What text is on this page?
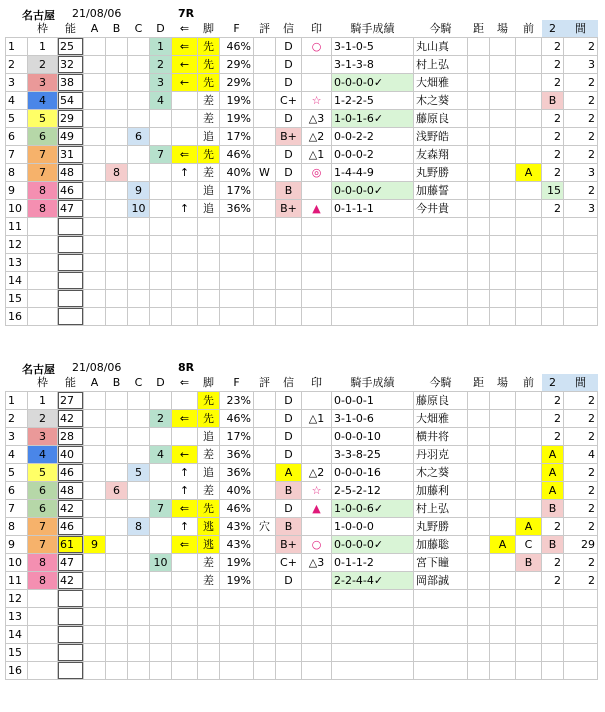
名古屋 21/08/06	7R
	枠	能	A	B	C	D	⇐	脚	F	評	信	印	騎手成績	今騎	距	場	前	2	間
1	1	25				1	⇐	先	46%		D	○	3-1-0-5	丸山真				2	2
2	2	32				2	←	先	29%		D		3-1-3-8	村上弘				2	3
3	3	38				3	←	先	29%		D		0-0-0-0✓	大畑雅				2	2
4	4	54				4		差	19%		C+	☆	1-2-2-5	木之葵				B	2
5	5	29						差	19%		D	△3	1-0-1-6✓	藤原良				2	2
6	6	49			6			追	17%		B+	△2	0-0-2-2	浅野皓				2	2
7	7	31				7	⇐	先	46%		D	△1	0-0-0-2	友森翔				2	2
8	7	48		8			↑	差	40%	W	D	◎	1-4-4-9	丸野勝			A	2	3
9	8	46			9			追	17%		B		0-0-0-0✓	加藤誓				15	2
10	8	47			10		↑	追	36%		B+	▲	0-1-1-1	今井貴				2	3
11																			
12																			
13																			
14																			
15																			
16																			
名古屋 21/08/06	8R
	枠	能	A	B	C	D	⇐	脚	F	評	信	印	騎手成績	今騎	距	場	前	2	間
1	1	27						先	23%		D		0-0-0-1	藤原良				2	2
2	2	42				2	⇐	先	46%		D	△1	3-1-0-6	大畑雅				2	2
3	3	28						追	17%		D		0-0-0-10	横井将				2	2
4	4	40				4	←	差	36%		D		3-3-8-25	丹羽克				A	4
5	5	46			5		↑	追	36%		A	△2	0-0-0-16	木之葵				A	2
6	6	48		6			↑	差	40%		B	☆	2-5-2-12	加藤利				A	2
7	6	42				7	⇐	先	46%		D	▲	1-0-0-6✓	村上弘				B	2
8	7	46			8		↑	逃	43%	穴	B		1-0-0-0	丸野勝			A	2	2
9	7	61	9				⇐	逃	43%		B+	○	0-0-0-0✓	加藤聡		A	C	B	29
10	8	47				10		差	19%		C+	△3	0-1-1-2	宮下瞳			B	2	2
11	8	42						差	19%		D		2-2-4-4✓	岡部誠				2	2
12																			
13																			
14																			
15																			
16																			
